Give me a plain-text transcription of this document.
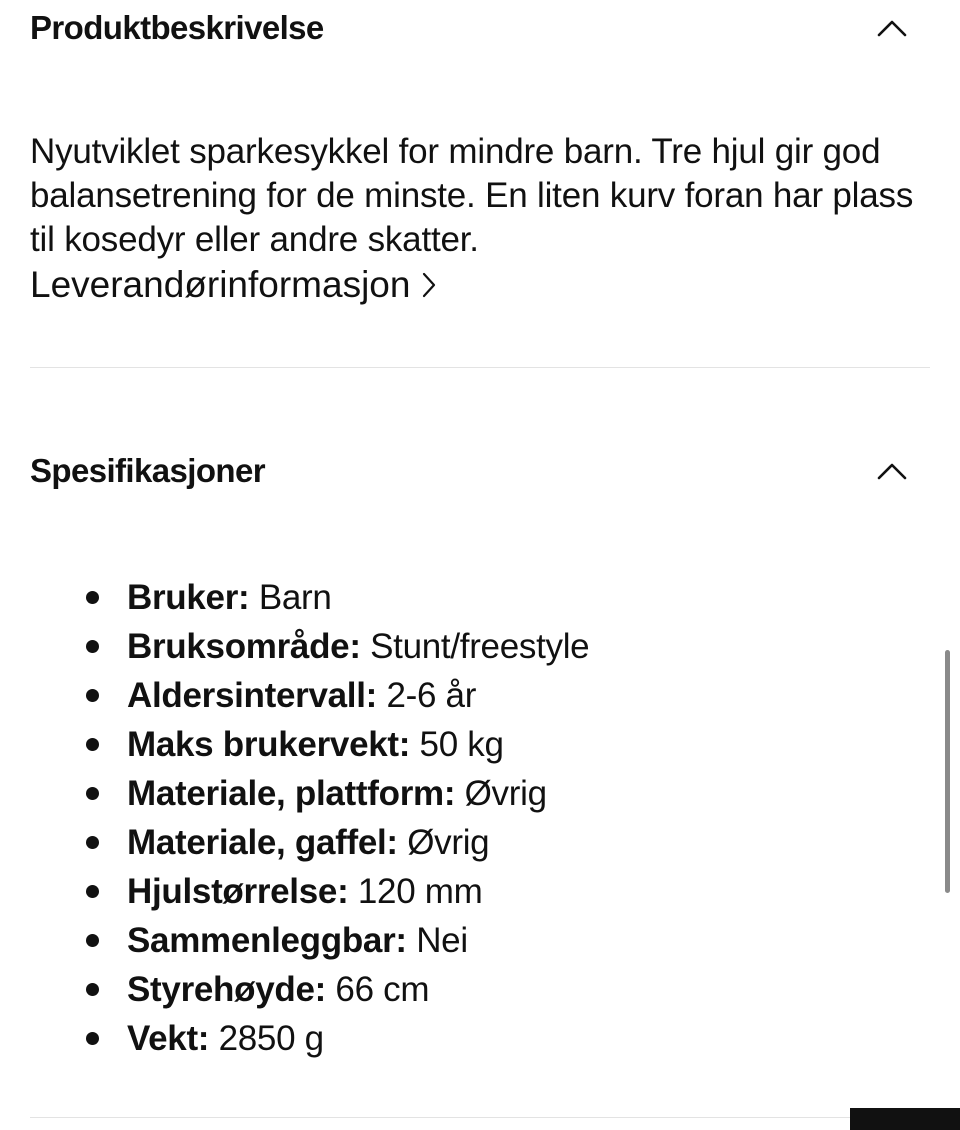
Produktbeskrivelse
Nyutviklet sparkesykkel for mindre barn. Tre hjul gir god balansetrening for de minste. En liten kurv foran har plass til kosedyr eller andre skatter.
Leverandørinformasjon
Spesifikasjoner
Bruker: Barn
Bruksområde: Stunt/freestyle
Aldersintervall: 2-6 år
Maks brukervekt: 50 kg
Materiale, plattform: Øvrig
Materiale, gaffel: Øvrig
Hjulstørrelse: 120 mm
Sammenleggbar: Nei
Styrehøyde: 66 cm
Vekt: 2850 g
